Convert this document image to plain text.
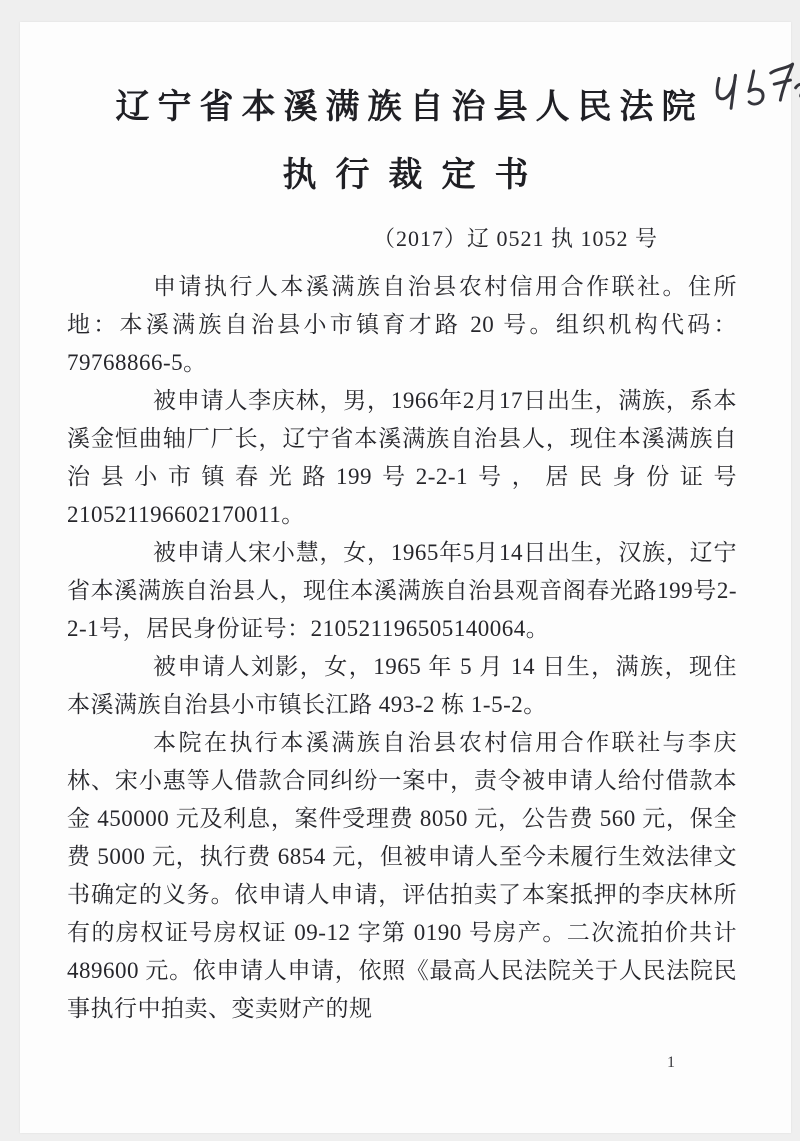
辽宁省本溪满族自治县人民法院
执行裁定书
（2017）辽 0521 执 1052 号

申请执行人本溪满族自治县农村信用合作联社。住所地：本溪满族自治县小市镇育才路 20 号。组织机构代码：79768866-5。

被申请人李庆林，男，1966年2月17日出生，满族，系本溪金恒曲轴厂厂长，辽宁省本溪满族自治县人，现住本溪满族自治县小市镇春光路199号2-2-1号，居民身份证号210521196602170011。

被申请人宋小慧，女，1965年5月14日出生，汉族，辽宁省本溪满族自治县人，现住本溪满族自治县观音阁春光路199号2-2-1号，居民身份证号：210521196505140064。

被申请人刘影，女，1965 年 5 月 14 日生，满族，现住本溪满族自治县小市镇长江路 493-2 栋 1-5-2。

本院在执行本溪满族自治县农村信用合作联社与李庆林、宋小惠等人借款合同纠纷一案中，责令被申请人给付借款本金 450000 元及利息，案件受理费 8050 元，公告费 560 元，保全费 5000 元，执行费 6854 元，但被申请人至今未履行生效法律文书确定的义务。依申请人申请，评估拍卖了本案抵押的李庆林所有的房权证号房权证 09-12 字第 0190 号房产。二次流拍价共计 489600 元。依申请人申请，依照《最高人民法院关于人民法院民事执行中拍卖、变卖财产的规

1
